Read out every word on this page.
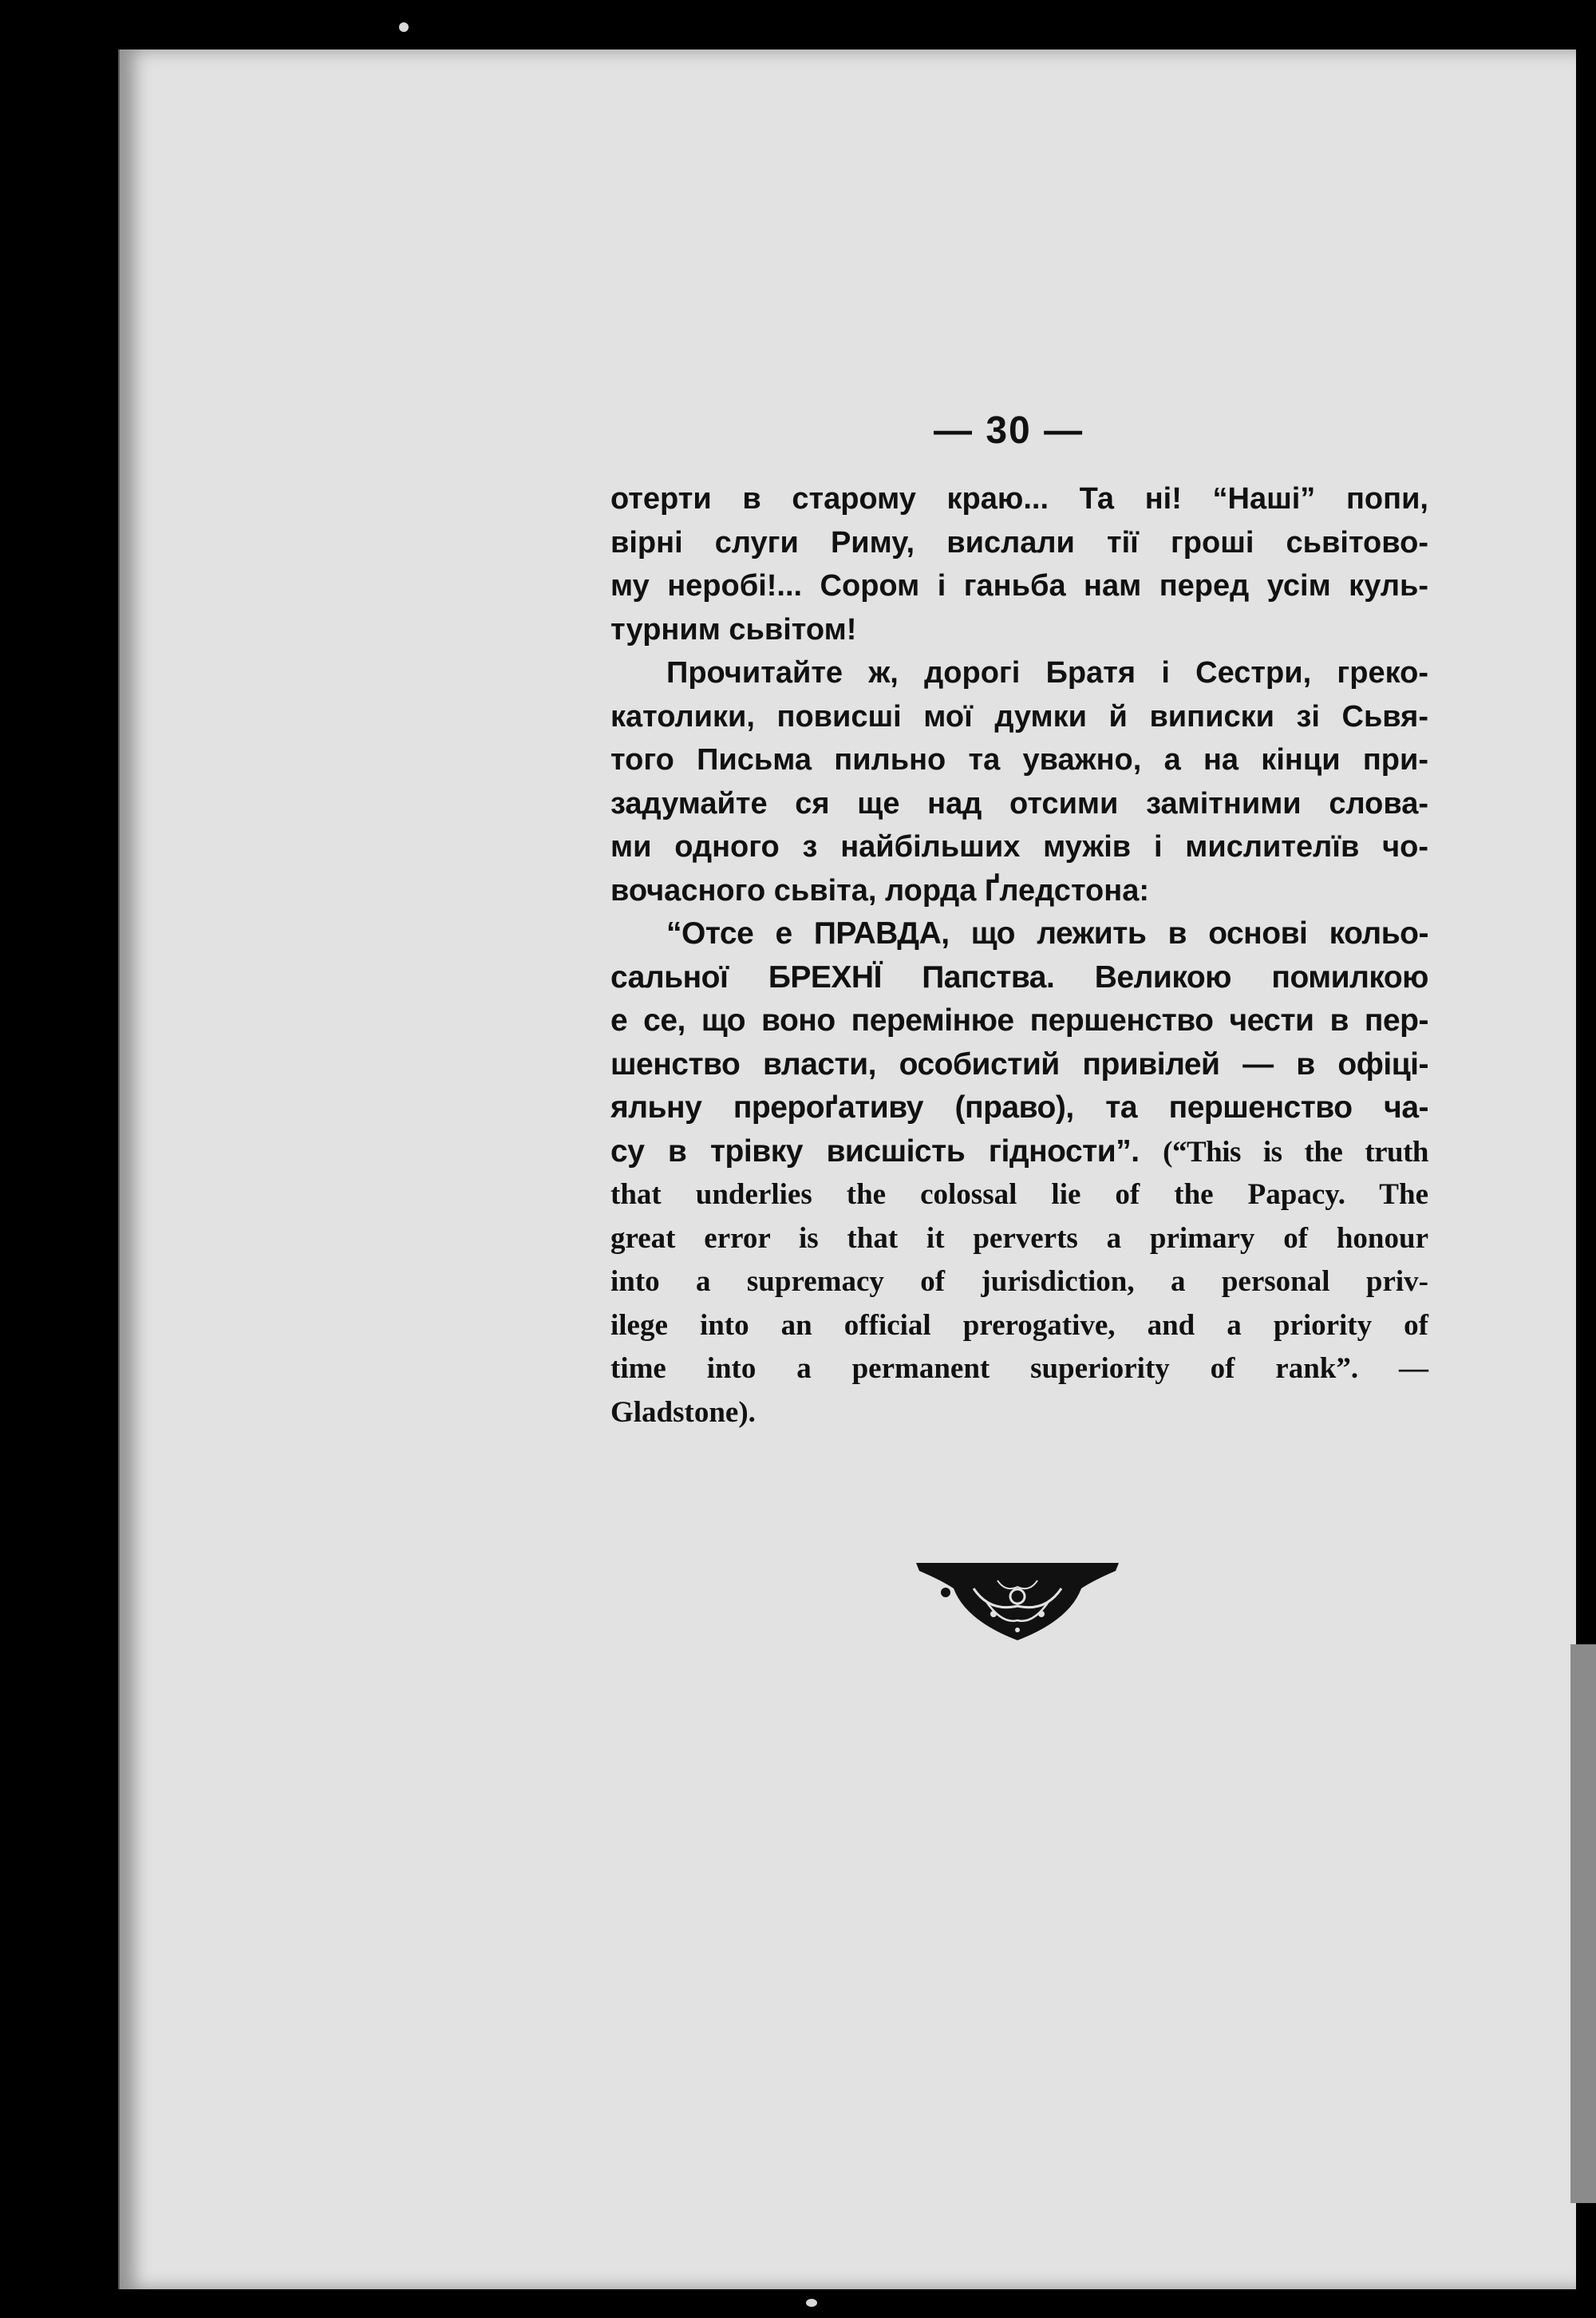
— 30 —
отерти в старому краю... Та ні! “Наші” попи,
вірні слуги Риму, вислали тії гроші сьвітово-
му неробі!... Сором і ганьба нам перед усім куль-
турним сьвітом!
Прочитайте ж, дорогі Братя і Сестри, греко-
католики, повисші мої думки й виписки зі Сьвя-
того Письма пильно та уважно, а на кінци при-
задумайте ся ще над отсими замітними слова-
ми одного з найбільших мужів і мислителїв чо-
вочасного сьвіта, лорда Ґледстона:
“Отсе е ПРАВДА, що лежить в основі кольо-
сальної БРЕХНЇ Папства. Великою помилкою
е се, що воно перемінюе першенство чести в пер-
шенство власти, особистий привілей — в офіці-
яльну прероґативу (право), та першенство ча-
су в трівку висшість гідности”. (“This is the truth
that underlies the colossal lie of the Papacy. The
great error is that it perverts a primary of honour
into a supremacy of jurisdiction, a personal priv-
ilege into an official prerogative, and a priority of
time into a permanent superiority of rank”. —
Gladstone).
